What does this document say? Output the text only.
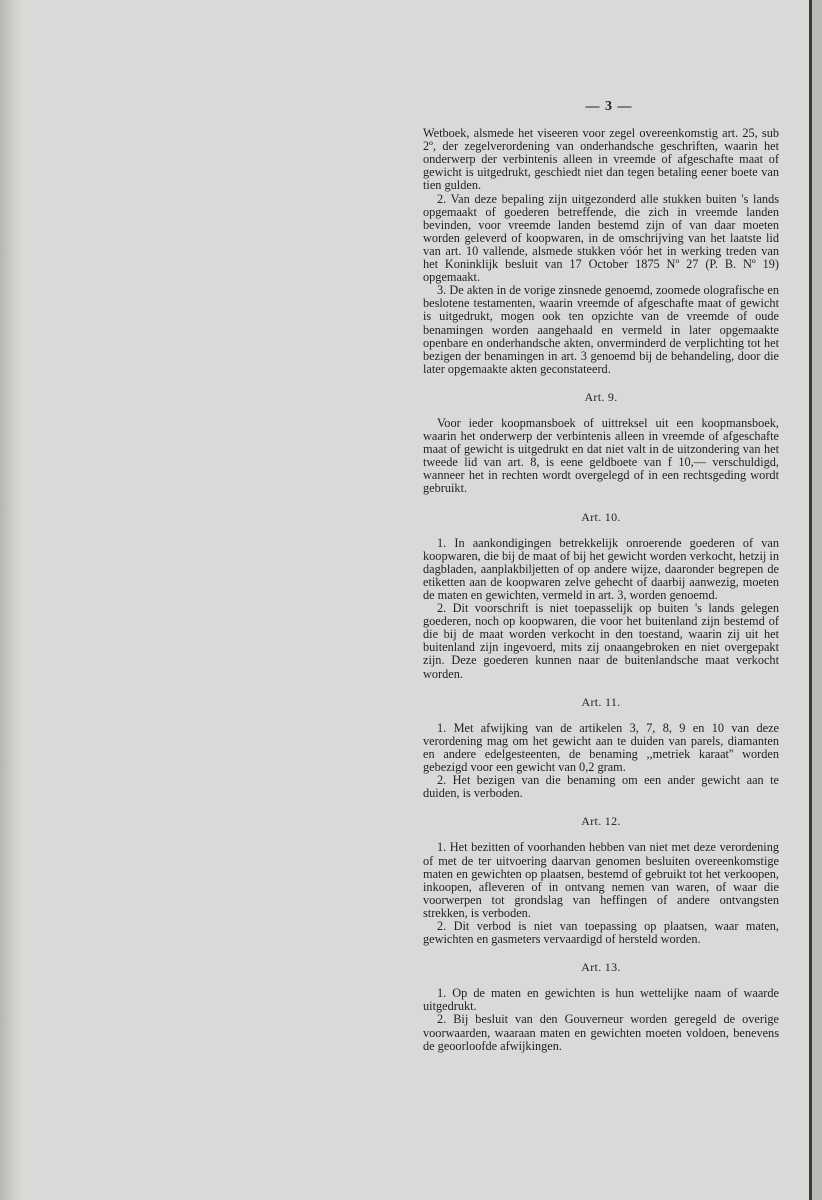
— 3 —

Wetboek, alsmede het viseeren voor zegel overeenkomstig art. 25, sub 2º, der zegelverordening van onderhandsche geschriften, waarin het onderwerp der verbintenis alleen in vreemde of afgeschafte maat of gewicht is uitgedrukt, geschiedt niet dan tegen betaling eener boete van tien gulden.

2. Van deze bepaling zijn uitgezonderd alle stukken buiten 's lands opgemaakt of goederen betreffende, die zich in vreemde landen bevinden, voor vreemde landen bestemd zijn of van daar moeten worden geleverd of koopwaren, in de omschrijving van het laatste lid van art. 10 vallende, alsmede stukken vóór het in werking treden van het Koninklijk besluit van 17 October 1875 Nº 27 (P. B. Nº 19) opgemaakt.

3. De akten in de vorige zinsnede genoemd, zoomede olografische en beslotene testamenten, waarin vreemde of afgeschafte maat of gewicht is uitgedrukt, mogen ook ten opzichte van de vreemde of oude benamingen worden aangehaald en vermeld in later opgemaakte openbare en onderhandsche akten, onverminderd de verplichting tot het bezigen der benamingen in art. 3 genoemd bij de behandeling, door die later opgemaakte akten geconstateerd.

Art. 9.

Voor ieder koopmansboek of uittreksel uit een koopmansboek, waarin het onderwerp der verbintenis alleen in vreemde of afgeschafte maat of gewicht is uitgedrukt en dat niet valt in de uitzondering van het tweede lid van art. 8, is eene geldboete van f 10,— verschuldigd, wanneer het in rechten wordt overgelegd of in een rechtsgeding wordt gebruikt.

Art. 10.

1. In aankondigingen betrekkelijk onroerende goederen of van koopwaren, die bij de maat of bij het gewicht worden verkocht, hetzij in dagbladen, aanplakbiljetten of op andere wijze, daaronder begrepen de etiketten aan de koopwaren zelve gehecht of daarbij aanwezig, moeten de maten en gewichten, vermeld in art. 3, worden genoemd.

2. Dit voorschrift is niet toepasselijk op buiten 's lands gelegen goederen, noch op koopwaren, die voor het buitenland zijn bestemd of die bij de maat worden verkocht in den toestand, waarin zij uit het buitenland zijn ingevoerd, mits zij onaangebroken en niet overgepakt zijn. Deze goederen kunnen naar de buitenlandsche maat verkocht worden.

Art. 11.

1. Met afwijking van de artikelen 3, 7, 8, 9 en 10 van deze verordening mag om het gewicht aan te duiden van parels, diamanten en andere edelgesteenten, de benaming ,,metriek karaat'' worden gebezigd voor een gewicht van 0,2 gram.

2. Het bezigen van die benaming om een ander gewicht aan te duiden, is verboden.

Art. 12.

1. Het bezitten of voorhanden hebben van niet met deze verordening of met de ter uitvoering daarvan genomen besluiten overeenkomstige maten en gewichten op plaatsen, bestemd of gebruikt tot het verkoopen, inkoopen, afleveren of in ontvang nemen van waren, of waar die voorwerpen tot grondslag van heffingen of andere ontvangsten strekken, is verboden.

2. Dit verbod is niet van toepassing op plaatsen, waar maten, gewichten en gasmeters vervaardigd of hersteld worden.

Art. 13.

1. Op de maten en gewichten is hun wettelijke naam of waarde uitgedrukt.

2. Bij besluit van den Gouverneur worden geregeld de overige voorwaarden, waaraan maten en gewichten moeten voldoen, benevens de geoorloofde afwijkingen.
